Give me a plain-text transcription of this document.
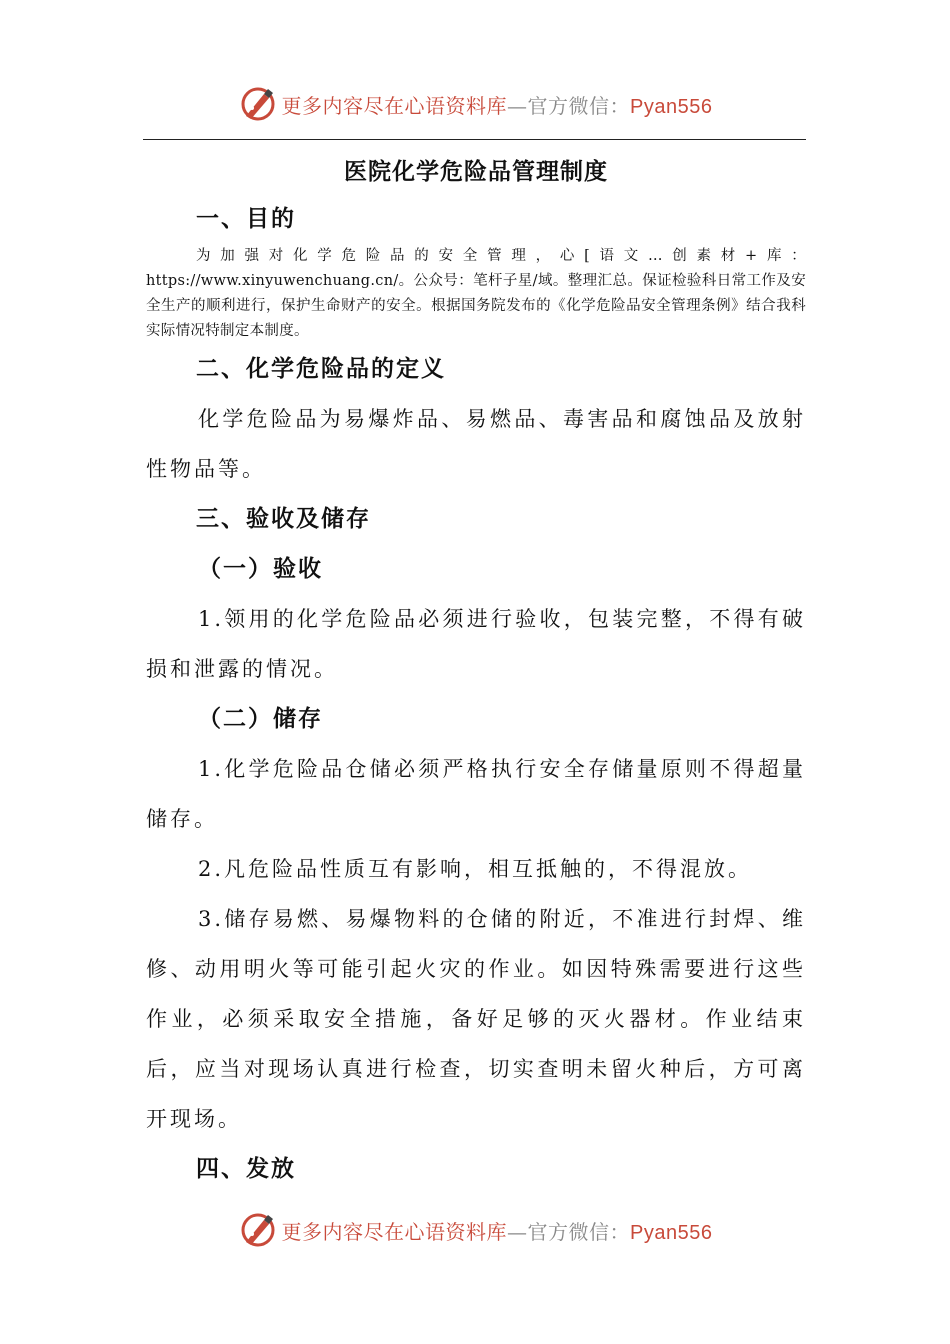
更多内容尽在心语资料库—官方微信：Pyan556
医院化学危险品管理制度
一、目的

为加强对化学危险品的安全管理，心[语文…创素材+库：https://www.xinyuwenchuang.cn/。公众号：笔杆子星/域。整理汇总。保证检验科日常工作及安全生产的顺利进行，保护生命财产的安全。根据国务院发布的《化学危险品安全管理条例》结合我科实际情况特制定本制度。

二、化学危险品的定义

化学危险品为易爆炸品、易燃品、毒害品和腐蚀品及放射性物品等。

三、验收及储存
（一）验收

1.领用的化学危险品必须进行验收，包装完整，不得有破损和泄露的情况。

（二）储存

1.化学危险品仓储必须严格执行安全存储量原则不得超量储存。

2.凡危险品性质互有影响，相互抵触的，不得混放。

3.储存易燃、易爆物料的仓储的附近，不准进行封焊、维修、动用明火等可能引起火灾的作业。如因特殊需要进行这些作业，必须采取安全措施，备好足够的灭火器材。作业结束后，应当对现场认真进行检查，切实查明未留火种后，方可离开现场。

四、发放
更多内容尽在心语资料库—官方微信：Pyan556
